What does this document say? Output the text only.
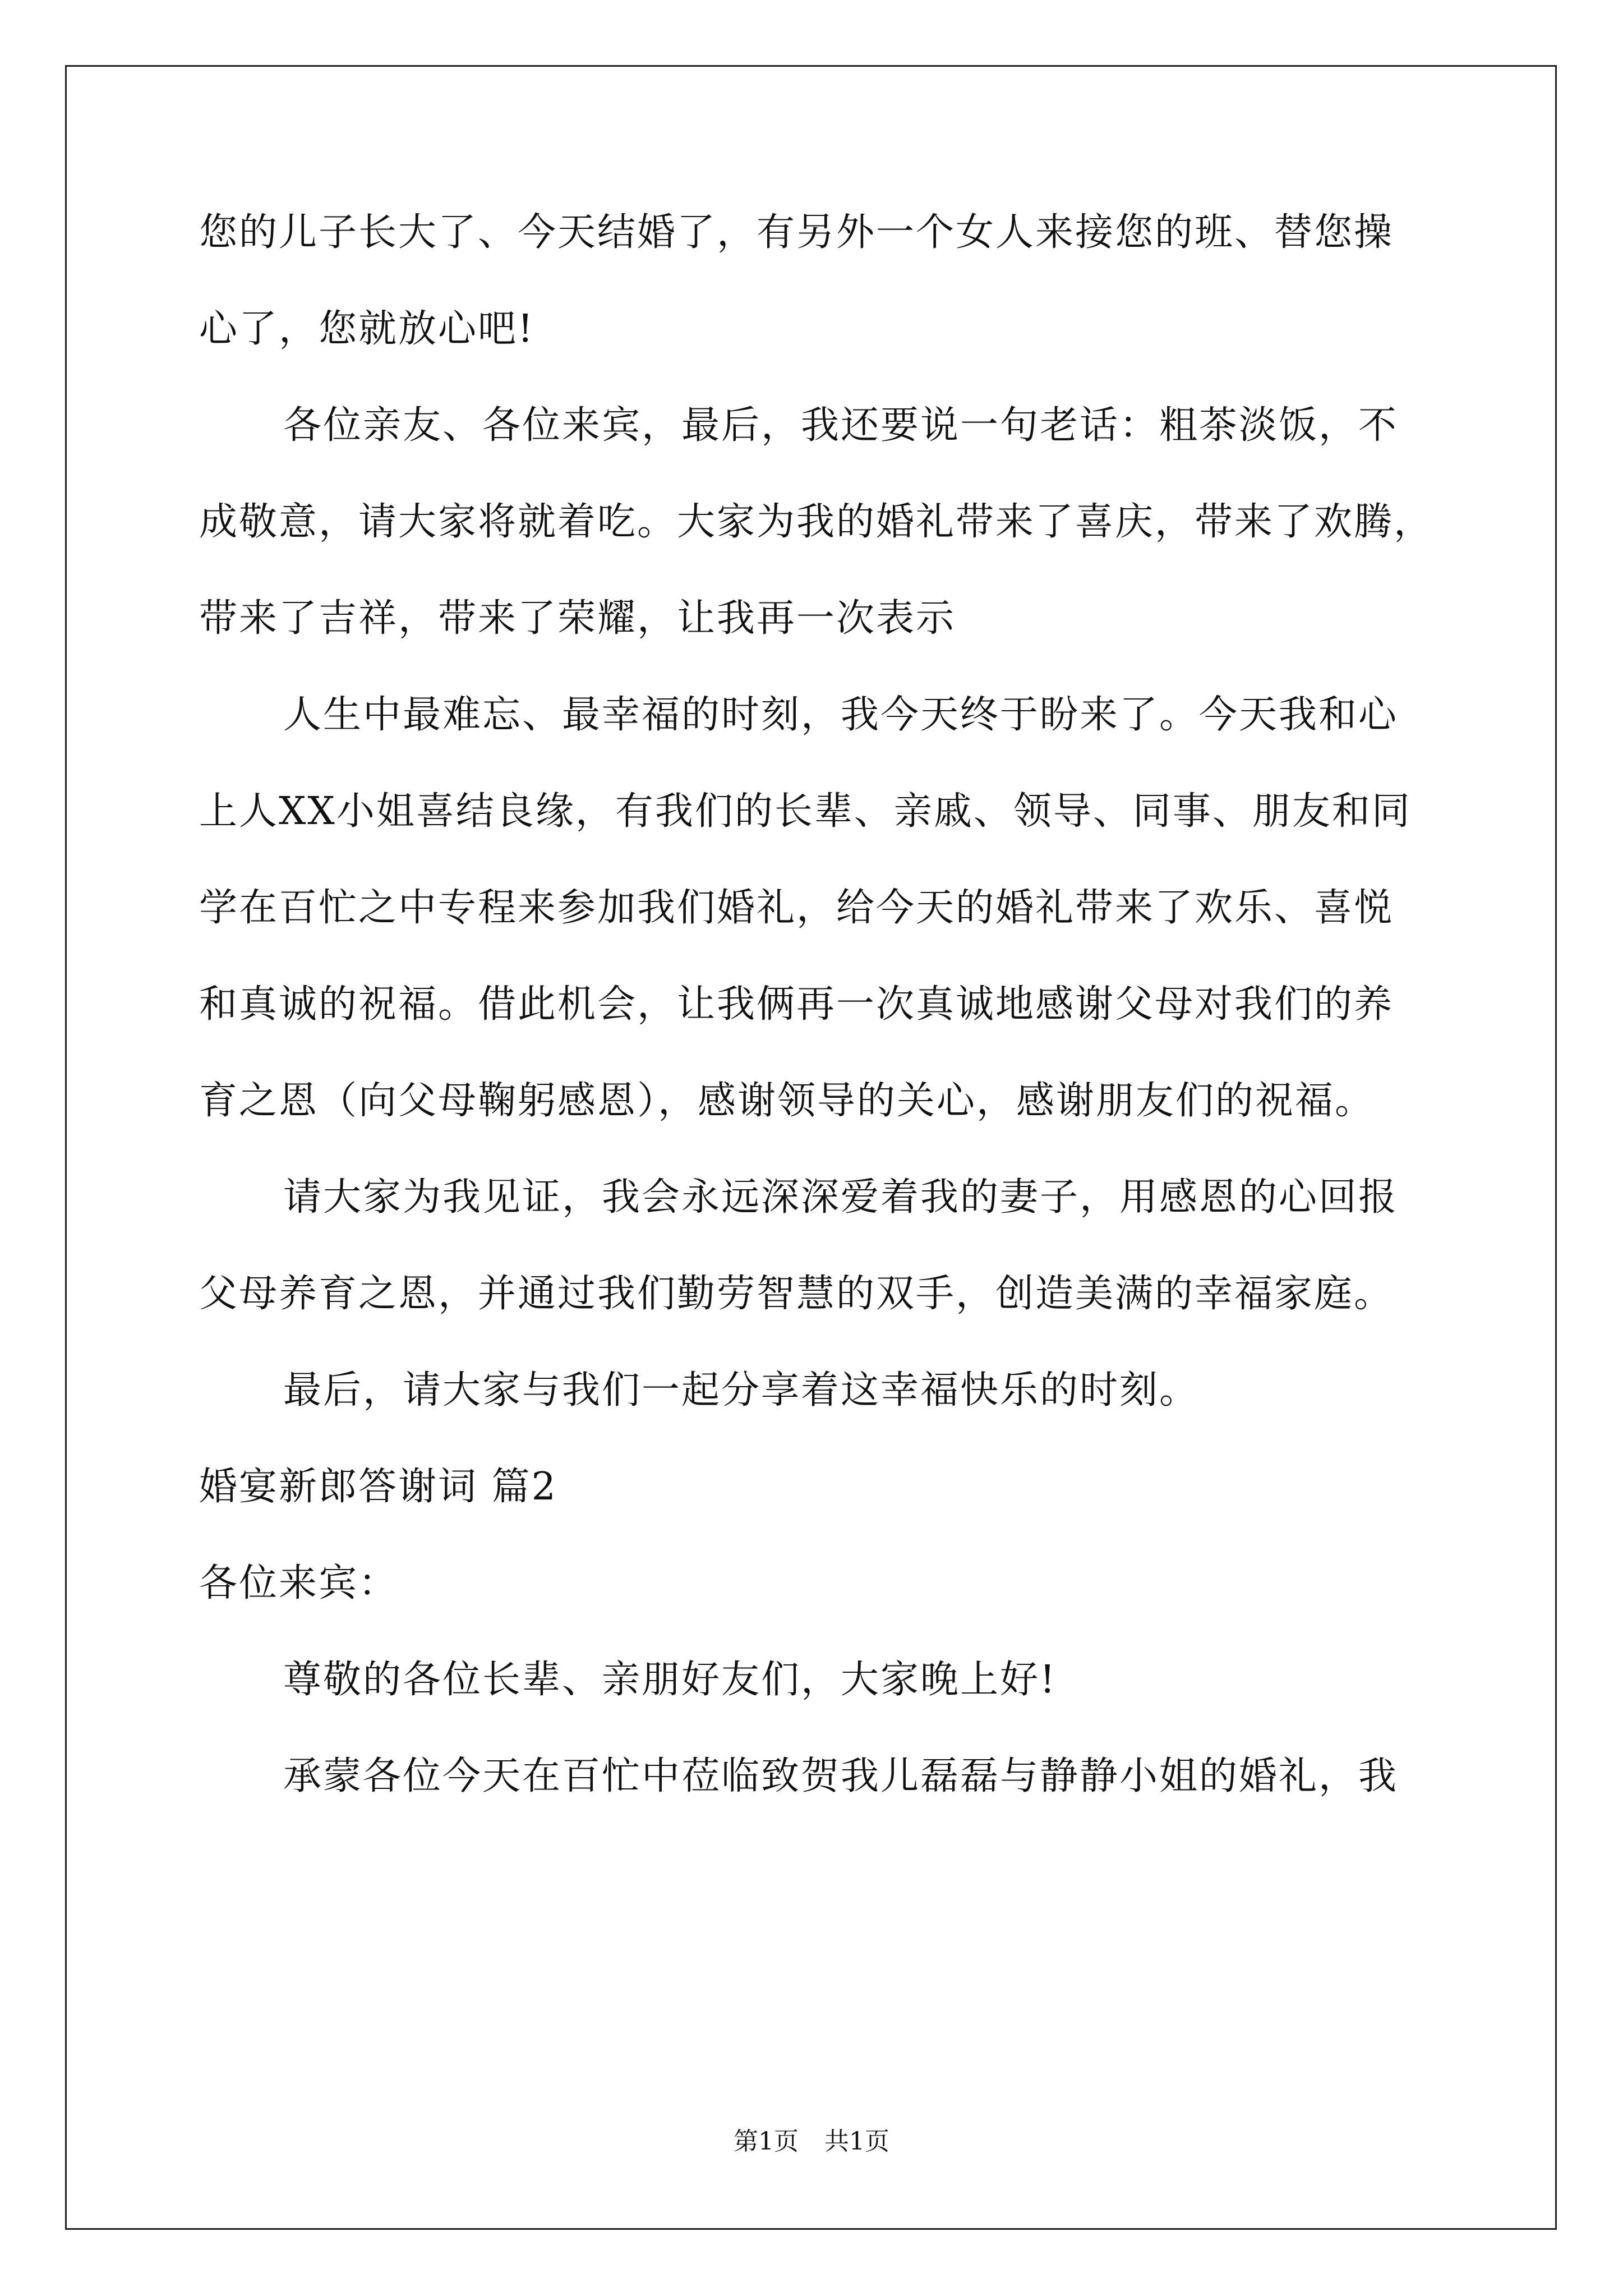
您的儿子长大了、今天结婚了，有另外一个女人来接您的班、替您操
心了，您就放心吧!
各位亲友、各位来宾，最后，我还要说一句老话：粗茶淡饭，不
成敬意，请大家将就着吃。大家为我的婚礼带来了喜庆，带来了欢腾，
带来了吉祥，带来了荣耀，让我再一次表示
人生中最难忘、最幸福的时刻，我今天终于盼来了。今天我和心
上人XX小姐喜结良缘，有我们的长辈、亲戚、领导、同事、朋友和同
学在百忙之中专程来参加我们婚礼，给今天的婚礼带来了欢乐、喜悦
和真诚的祝福。借此机会，让我俩再一次真诚地感谢父母对我们的养
育之恩（向父母鞠躬感恩），感谢领导的关心，感谢朋友们的祝福。
请大家为我见证，我会永远深深爱着我的妻子，用感恩的心回报
父母养育之恩，并通过我们勤劳智慧的双手，创造美满的幸福家庭。
最后，请大家与我们一起分享着这幸福快乐的时刻。
婚宴新郎答谢词 篇2
各位来宾：
尊敬的各位长辈、亲朋好友们，大家晚上好!
承蒙各位今天在百忙中莅临致贺我儿磊磊与静静小姐的婚礼，我
第1页 共1页
